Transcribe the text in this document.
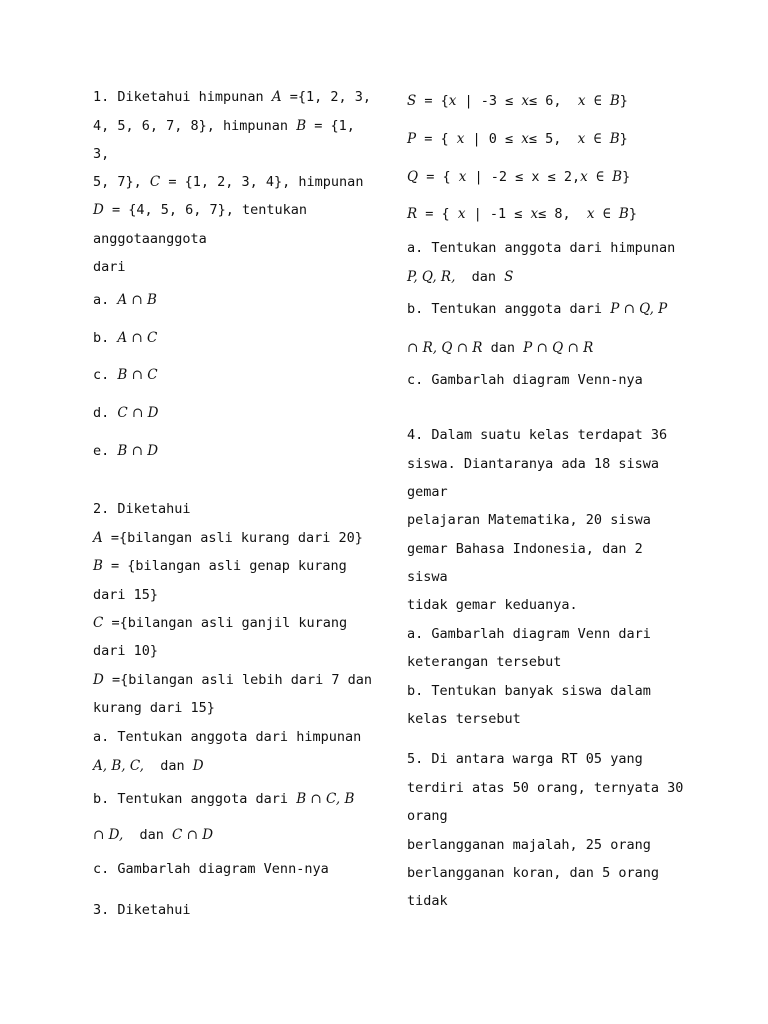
1. Diketahui himpunan A ={1, 2, 3,
4, 5, 6, 7, 8}, himpunan B = {1,
3,
5, 7}, C = {1, 2, 3, 4}, himpunan
D = {4, 5, 6, 7}, tentukan
anggotaanggota
dari
a. A ∩ B
b. A ∩ C
c. B ∩ C
d. C ∩ D
e. B ∩ D
2. Diketahui
A ={bilangan asli kurang dari 20}
B = {bilangan asli genap kurang
dari 15}
C ={bilangan asli ganjil kurang
dari 10}
D ={bilangan asli lebih dari 7 dan
kurang dari 15}
a. Tentukan anggota dari himpunan
A, B, C,  dan D
b. Tentukan anggota dari B ∩ C, B
∩ D,  dan C ∩ D
c. Gambarlah diagram Venn-nya
3. Diketahui
S = {x | -3 ≤ x≤ 6,  x ∈ B}
P = { x | 0 ≤ x≤ 5,  x ∈ B}
Q = { x | -2 ≤ x ≤ 2,x ∈ B}
R = { x | -1 ≤ x≤ 8,  x ∈ B}
a. Tentukan anggota dari himpunan
P, Q, R,  dan S
b. Tentukan anggota dari P ∩ Q, P
∩ R, Q ∩ R dan P ∩ Q ∩ R
c. Gambarlah diagram Venn-nya
4. Dalam suatu kelas terdapat 36
siswa. Diantaranya ada 18 siswa
gemar
pelajaran Matematika, 20 siswa
gemar Bahasa Indonesia, dan 2
siswa
tidak gemar keduanya.
a. Gambarlah diagram Venn dari
keterangan tersebut
b. Tentukan banyak siswa dalam
kelas tersebut
5. Di antara warga RT 05 yang
terdiri atas 50 orang, ternyata 30
orang
berlangganan majalah, 25 orang
berlangganan koran, dan 5 orang
tidak
